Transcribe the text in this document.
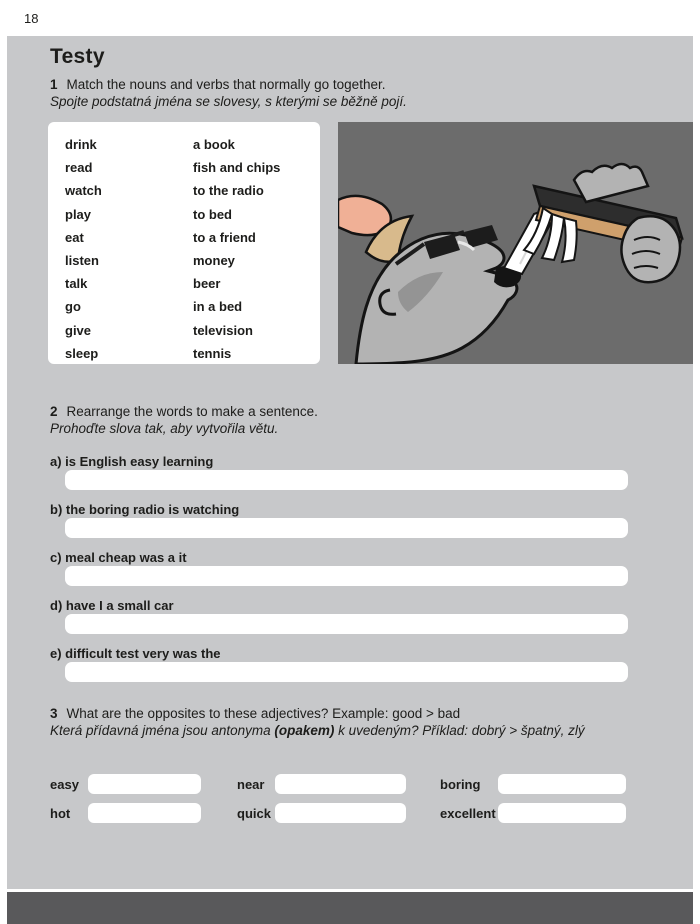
18
Testy
1 Match the nouns and verbs that normally go together.
Spojte podstatná jména se slovesy, s kterými se běžně pojí.
drink	a book
read	fish and chips
watch	to the radio
play	to bed
eat	to a friend
listen	money
talk	beer
go	in a bed
give	television
sleep	tennis
2 Rearrange the words to make a sentence.
Prohoďte slova tak, aby vytvořila větu.
a) is English easy learning
b) the boring radio is watching
c) meal cheap was a it
d) have I a small car
e) difficult test very was the
3 What are the opposites to these adjectives? Example: good > bad
Která přídavná jména jsou antonyma (opakem) k uvedeným? Příklad: dobrý > špatný, zlý
easy	near	boring
hot	quick	excellent
